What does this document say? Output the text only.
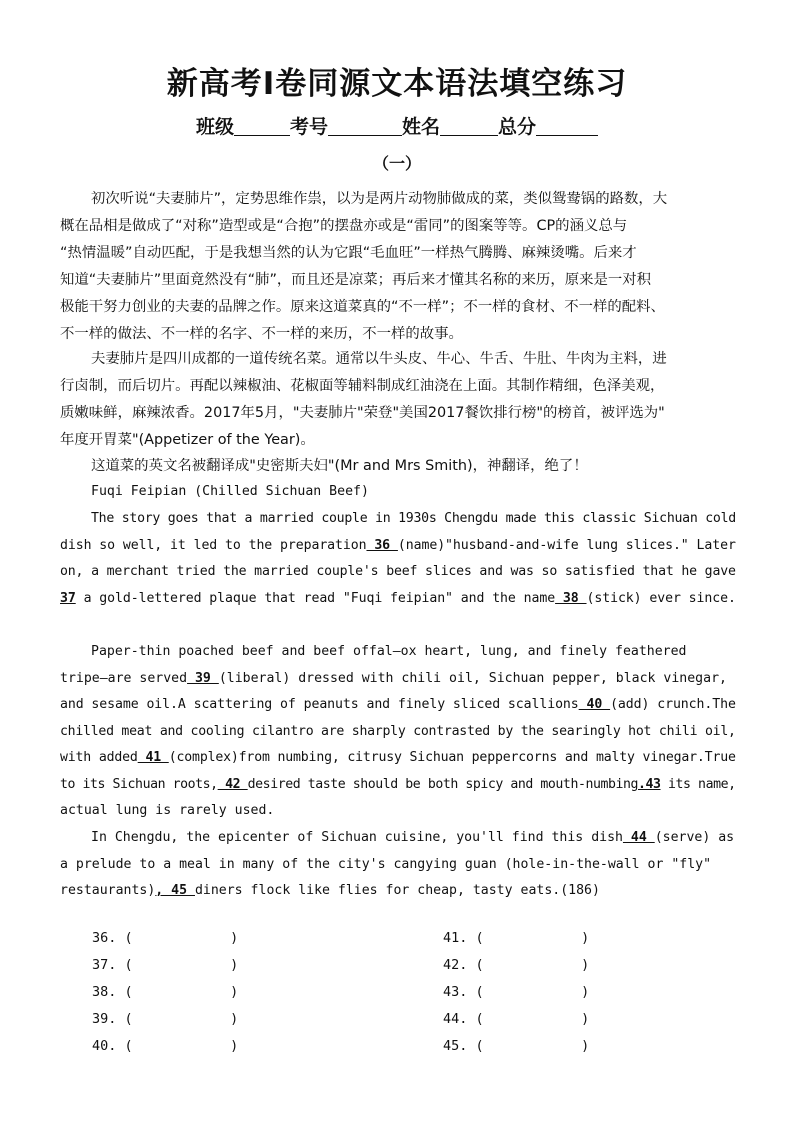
新高考Ⅰ卷同源文本语法填空练习
班级	考号	姓名	总分
（一）
初次听说“夫妻肺片”，定势思维作祟，以为是两片动物肺做成的菜，类似鸳鸯锅的路数，大
概在品相是做成了“对称”造型或是“合抱”的摆盘亦或是“雷同”的图案等等。CP的涵义总与
“热情温暖”自动匹配，于是我想当然的认为它跟“毛血旺”一样热气腾腾、麻辣烫嘴。后来才
知道“夫妻肺片”里面竟然没有“肺”，而且还是凉菜；再后来才懂其名称的来历，原来是一对积
极能干努力创业的夫妻的品牌之作。原来这道菜真的“不一样”；不一样的食材、不一样的配料、
不一样的做法、不一样的名字、不一样的来历，不一样的故事。
夫妻肺片是四川成都的一道传统名菜。通常以牛头皮、牛心、牛舌、牛肚、牛肉为主料，进
行卤制，而后切片。再配以辣椒油、花椒面等辅料制成红油浇在上面。其制作精细，色泽美观，
质嫩味鲜，麻辣浓香。2017年5月，"夫妻肺片"荣登"美国2017餐饮排行榜"的榜首，被评选为"
年度开胃菜"(Appetizer of the Year)。
这道菜的英文名被翻译成"史密斯夫妇"(Mr and Mrs Smith)，神翻译，绝了！
Fuqi Feipian (Chilled Sichuan Beef)
The story goes that a married couple in 1930s Chengdu made this classic Sichuan cold
dish so well, it led to the preparation 36 (name)"husband-and-wife lung slices." Later
on, a merchant tried the married couple's beef slices and was so satisfied that he gave
37 a gold-lettered plaque that read "Fuqi feipian" and the name 38 (stick) ever since.
Paper-thin poached beef and beef offal—ox heart, lung, and finely feathered
tripe—are served 39 (liberal) dressed with chili oil, Sichuan pepper, black vinegar,
and sesame oil.A scattering of peanuts and finely sliced scallions 40 (add) crunch.The
chilled meat and cooling cilantro are sharply contrasted by the searingly hot chili oil,
with added 41 (complex)from numbing, citrusy Sichuan peppercorns and malty vinegar.True
to its Sichuan roots, 42 desired taste should be both spicy and mouth-numbing.43 its name,
actual lung is rarely used.
In Chengdu, the epicenter of Sichuan cuisine, you'll find this dish 44 (serve) as
a prelude to a meal in many of the city's cangying guan (hole-in-the-wall or "fly"
restaurants), 45 diners flock like flies for cheap, tasty eats.(186)
36. (            )
37. (            )
38. (            )
39. (            )
40. (            )
41. (            )
42. (            )
43. (            )
44. (            )
45. (            )
